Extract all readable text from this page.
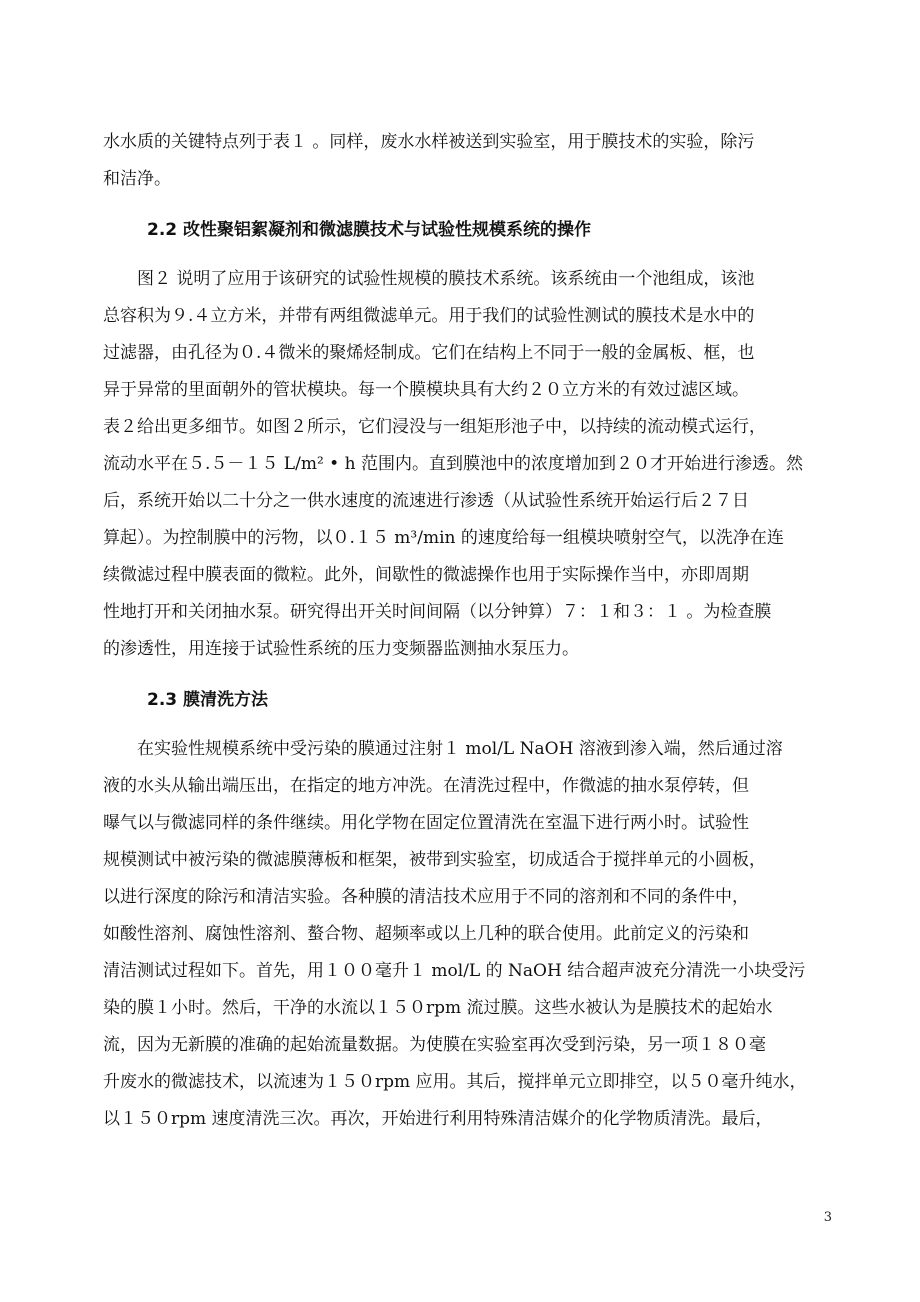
水水质的关键特点列于表１ 。同样，废水水样被送到实验室，用于膜技术的实验，除污
和洁净。

2.2 改性聚铝絮凝剂和微滤膜技术与试验性规模系统的操作

图２ 说明了应用于该研究的试验性规模的膜技术系统。该系统由一个池组成，该池
总容积为９.４立方米，并带有两组微滤单元。用于我们的试验性测试的膜技术是水中的
过滤器，由孔径为０.４微米的聚烯烃制成。它们在结构上不同于一般的金属板、框，也
异于异常的里面朝外的管状模块。每一个膜模块具有大约２０立方米的有效过滤区域。
表２给出更多细节。如图２所示，它们浸没与一组矩形池子中，以持续的流动模式运行，
流动水平在５.５－１５ L/m² • h 范围内。直到膜池中的浓度增加到２０才开始进行渗透。然
后，系统开始以二十分之一供水速度的流速进行渗透（从试验性系统开始运行后２７日
算起）。为控制膜中的污物，以０.１５ m³/min 的速度给每一组模块喷射空气，以洗净在连
续微滤过程中膜表面的微粒。此外，间歇性的微滤操作也用于实际操作当中，亦即周期
性地打开和关闭抽水泵。研究得出开关时间间隔（以分钟算）７：１和３：１ 。为检查膜
的渗透性，用连接于试验性系统的压力变频器监测抽水泵压力。

2.3 膜清洗方法

在实验性规模系统中受污染的膜通过注射１ mol/L NaOH 溶液到渗入端，然后通过溶
液的水头从输出端压出，在指定的地方冲洗。在清洗过程中，作微滤的抽水泵停转，但
曝气以与微滤同样的条件继续。用化学物在固定位置清洗在室温下进行两小时。试验性
规模测试中被污染的微滤膜薄板和框架，被带到实验室，切成适合于搅拌单元的小圆板，
以进行深度的除污和清洁实验。各种膜的清洁技术应用于不同的溶剂和不同的条件中，
如酸性溶剂、腐蚀性溶剂、螯合物、超频率或以上几种的联合使用。此前定义的污染和
清洁测试过程如下。首先，用１００毫升１ mol/L 的 NaOH 结合超声波充分清洗一小块受污
染的膜１小时。然后，干净的水流以１５０rpm 流过膜。这些水被认为是膜技术的起始水
流，因为无新膜的准确的起始流量数据。为使膜在实验室再次受到污染，另一项１８０毫
升废水的微滤技术，以流速为１５０rpm 应用。其后，搅拌单元立即排空，以５０毫升纯水，
以１５０rpm 速度清洗三次。再次，开始进行利用特殊清洁媒介的化学物质清洗。最后，

3
